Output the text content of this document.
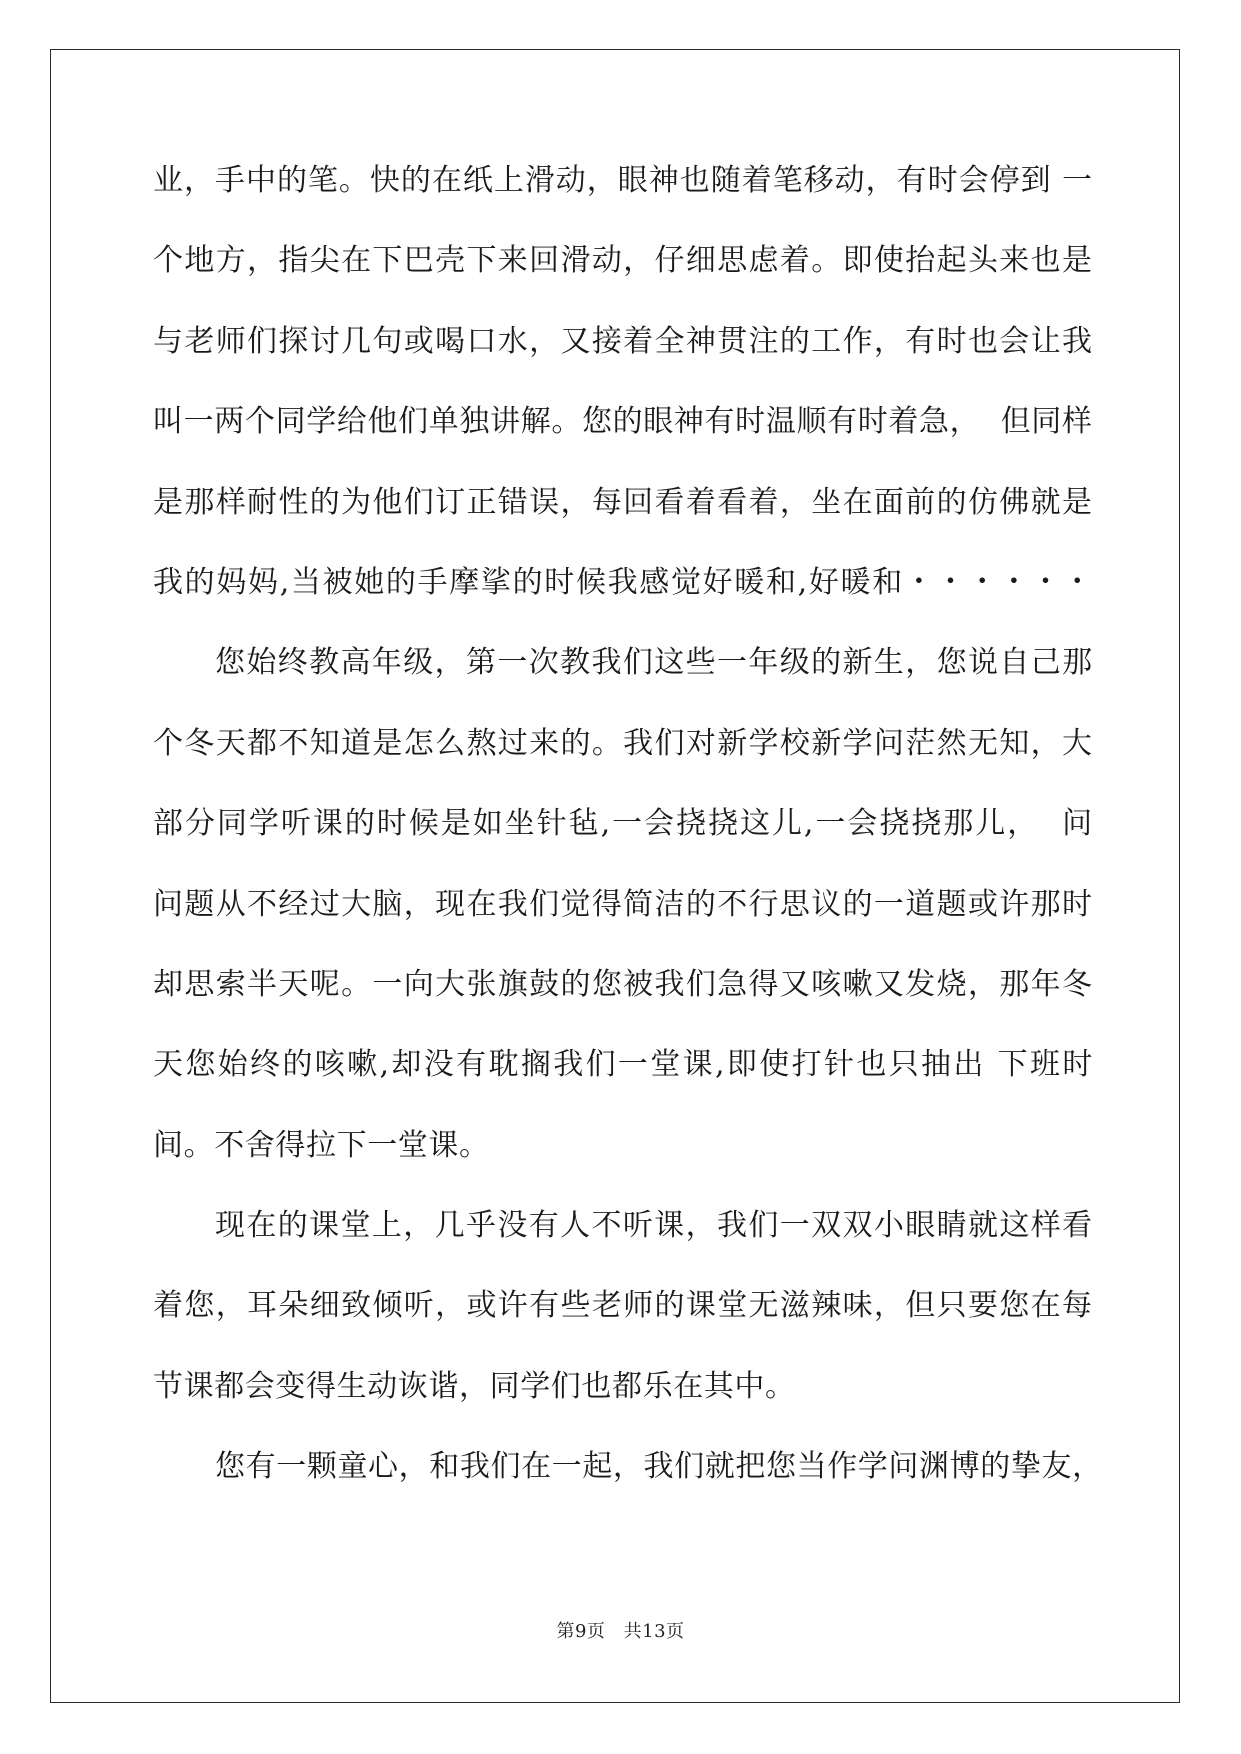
业 ， 手 中 的 笔 。 快 的 在 纸 上 滑 动 ， 眼 神 也 随 着 笔 移 动 ， 有 时 会 停 到
一
个 地 方 ， 指 尖 在 下 巴 壳 下 来 回 滑 动 ， 仔 细 思 虑 着 。 即 使 抬 起 头 来 也 是
与 老 师 们 探 讨 几 句 或 喝 口 水 ， 又 接 着 全 神 贯 注 的 工 作 ， 有 时 也 会 让 我
叫 一 两 个 同 学 给 他 们 单 独 讲 解 。 您 的 眼 神 有 时 温 顺 有 时 着 急 ，

但 同 样
是 那 样 耐 性 的 为 他 们 订 正 错 误 ， 每 回 看 着 看 着 ， 坐 在 面 前 的 仿 佛 就 是
我 的 妈 妈 , 当 被 她 的 手 摩 挲 的 时 候 我 感 觉 好 暖 和 , 好 暖 和 ・ ・ ・ ・ ・ ・
您 始 终 教 高 年 级 ， 第 一 次 教 我 们 这 些 一 年 级 的 新 生 ， 您 说 自 己 那
个 冬 天 都 不 知 道 是 怎 么 熬 过 来 的 。 我 们 对 新 学 校 新 学 问 茫 然 无 知 ， 大
部 分 同 学 听 课 的 时 候 是 如 坐 针 毡 , 一 会 挠 挠 这 儿 , 一 会 挠 挠 那 儿 ，

问
问 题 从 不 经 过 大 脑 ， 现 在 我 们 觉 得 简 洁 的 不 行 思 议 的 一 道 题 或 许 那 时
却 思 索 半 天 呢 。 一 向 大 张 旗 鼓 的 您 被 我 们 急 得 又 咳 嗽 又 发 烧 ， 那 年 冬
天 您 始 终 的 咳 嗽 , 却 没 有 耽 搁 我 们 一 堂 课 , 即 使 打 针 也 只 抽 出
下 班 时
间。不舍得拉下一堂课。
现 在 的 课 堂 上 ， 几 乎 没 有 人 不 听 课 ， 我 们 一 双 双 小 眼 睛 就 这 样 看
着 您 ， 耳 朵 细 致 倾 听 ， 或 许 有 些 老 师 的 课 堂 无 滋 辣 味 ， 但 只 要 您 在 每
节课都会变得生动诙谐，同学们也都乐在其中。
您 有 一 颗 童 心 ， 和 我 们 在 一 起 ， 我 们 就 把 您 当 作 学 问 渊 博 的 挚 友 ，
第9页 共13页
